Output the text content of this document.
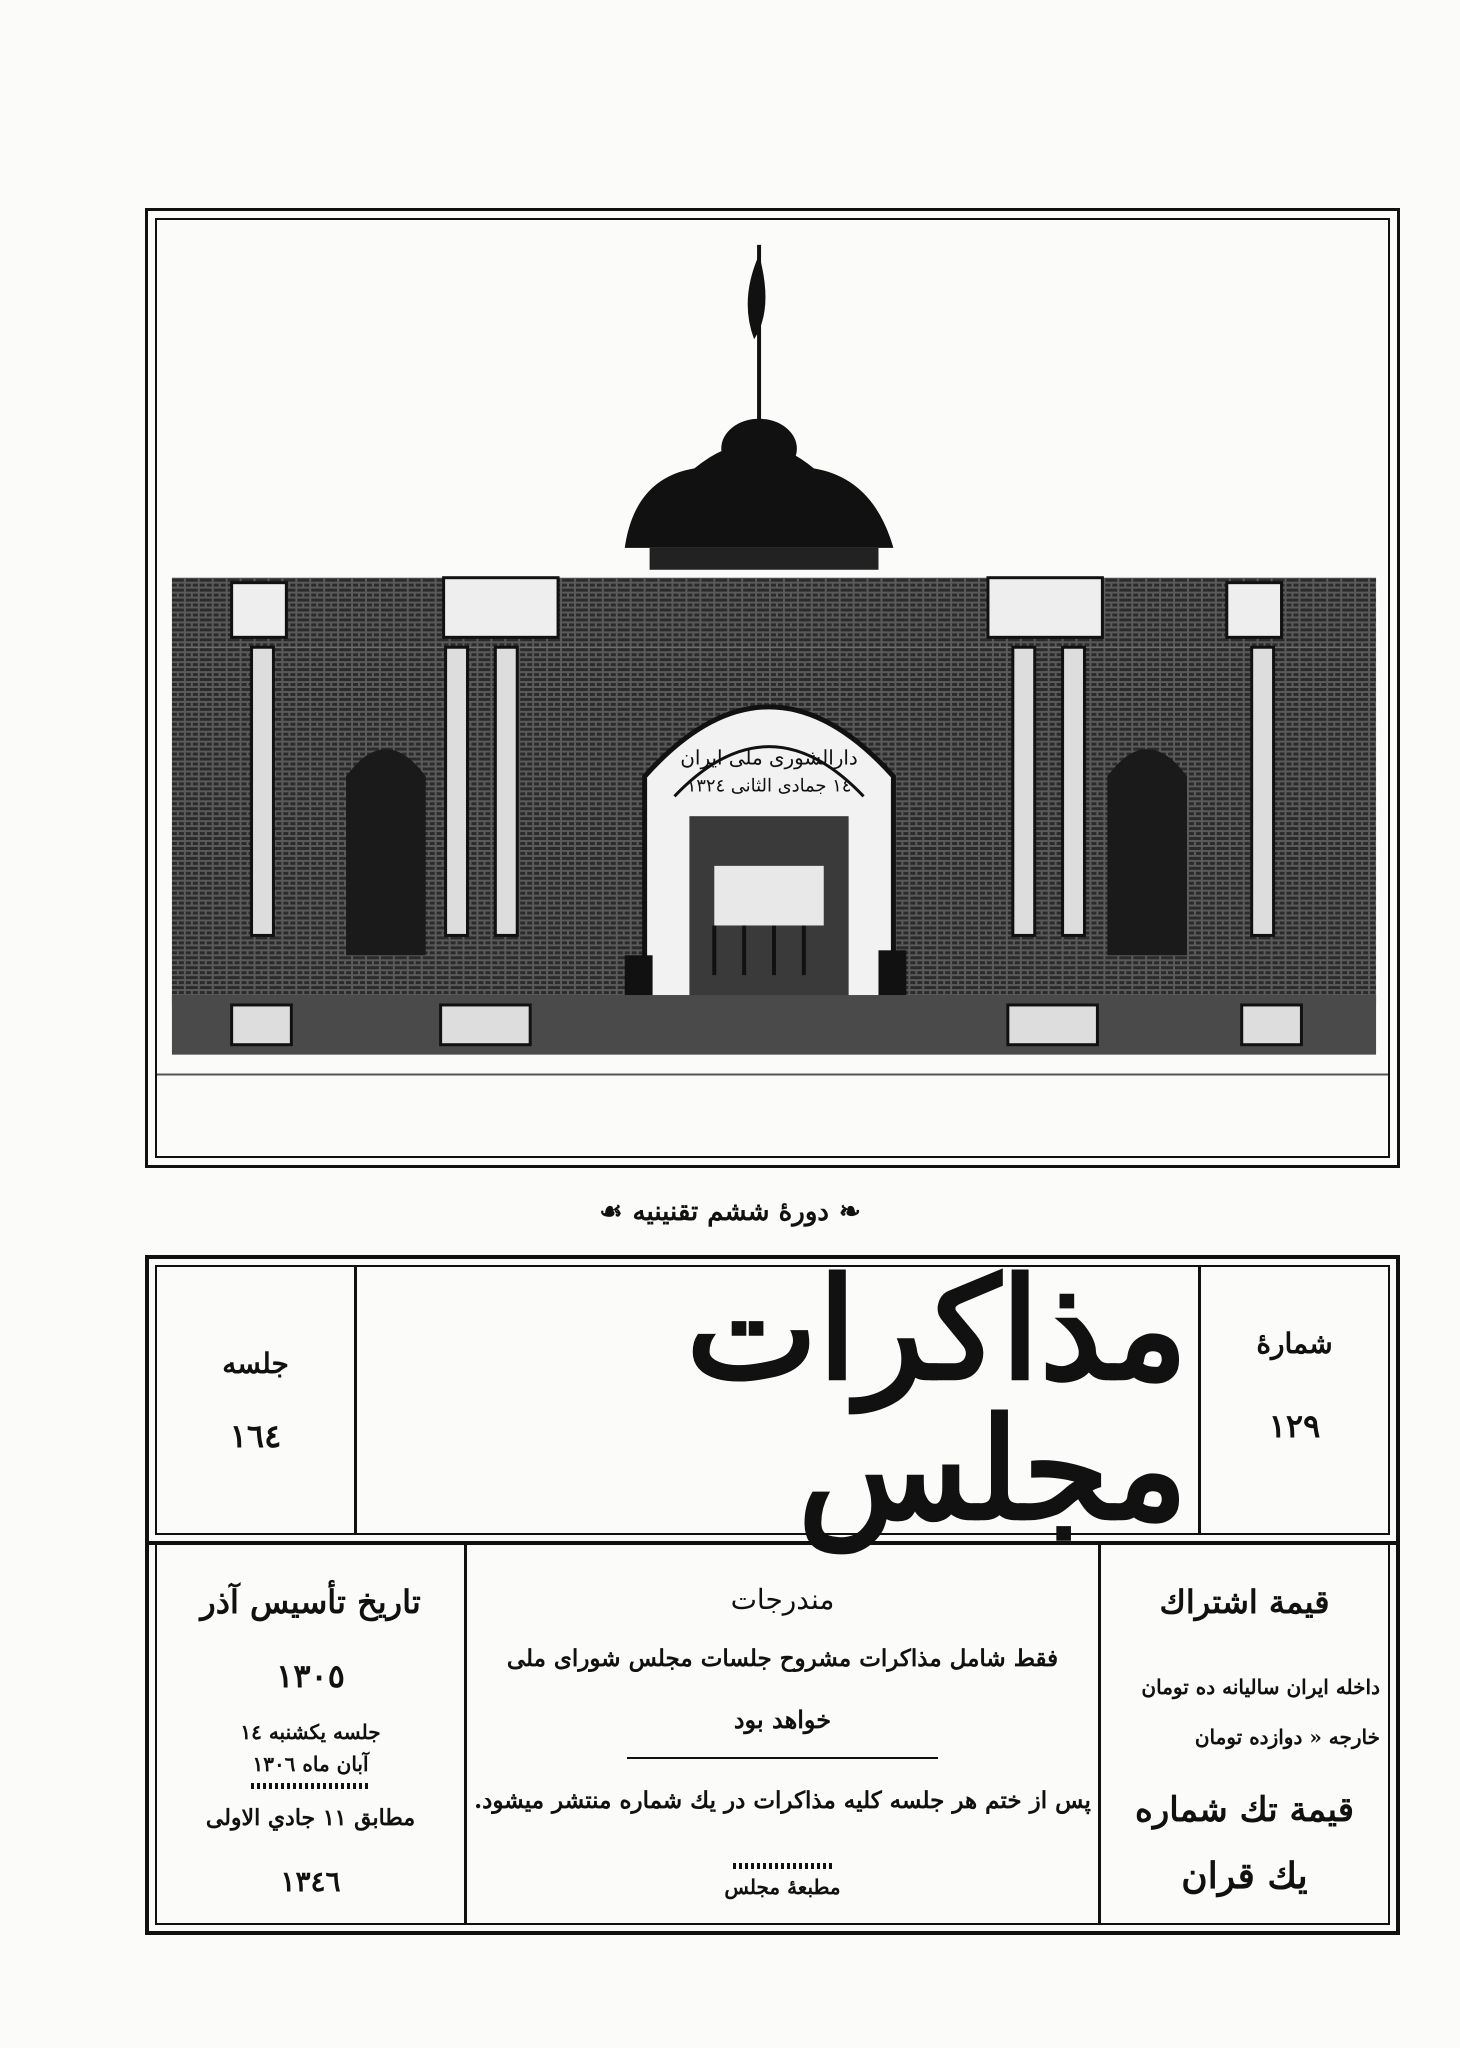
دارالشورى ملى ايران
١٤ جمادى الثانى ١٣٢٤
❧دورۀ ششم تقنينيه☙
شمارۀ
١٢٩
مذاكرات مجلس
جلسه
١٦٤
قيمة اشتراك
داخله ايران سالیانه ده تومان
خارجه « دوازده تومان
قيمة تك شماره
يك قران
مندرجات
فقط شامل مذاكرات مشروح جلسات مجلس شوراى ملى
خواهد بود
پس از ختم هر جلسه كليه مذاكرات در يك شماره منتشر ميشود.
مطبعۀ مجلس
تاريخ تأسيس آذر
١٣٠٥
جلسه يكشنبه ١٤
آبان ماه ١٣٠٦
مطابق ١١ جادي الاولى
١٣٤٦
